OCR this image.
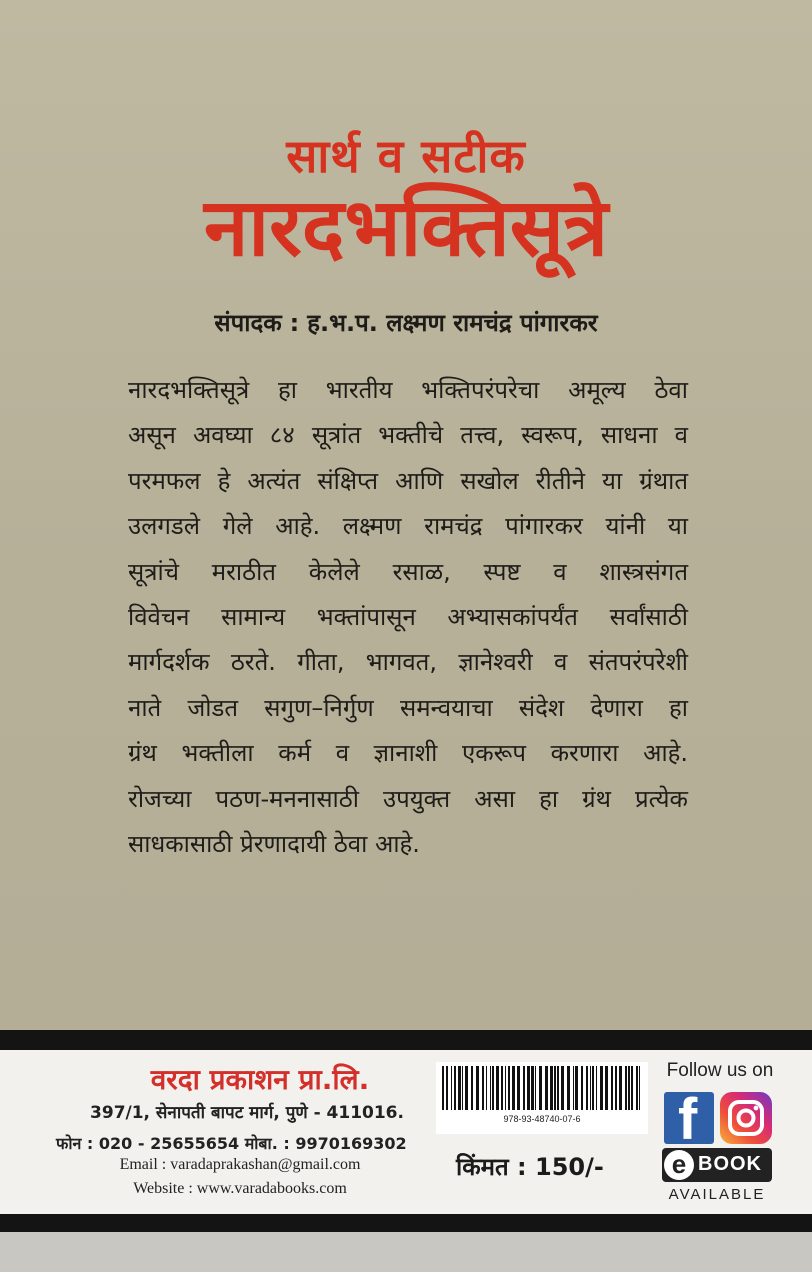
सार्थ व सटीक
नारदभक्तिसूत्रे
संपादक : ह.भ.प. लक्ष्मण रामचंद्र पांगारकर
नारदभक्तिसूत्रे हा भारतीय भक्तिपरंपरेचा अमूल्य ठेवा
असून अवघ्या ८४ सूत्रांत भक्तीचे तत्त्व, स्वरूप, साधना व
परमफल हे अत्यंत संक्षिप्त आणि सखोल रीतीने या ग्रंथात
उलगडले गेले आहे. लक्ष्मण रामचंद्र पांगारकर यांनी या
सूत्रांचे मराठीत केलेले रसाळ, स्पष्ट व शास्त्रसंगत
विवेचन सामान्य भक्तांपासून अभ्यासकांपर्यंत सर्वांसाठी
मार्गदर्शक ठरते. गीता, भागवत, ज्ञानेश्वरी व संतपरंपरेशी
नाते जोडत सगुण–निर्गुण समन्वयाचा संदेश देणारा हा
ग्रंथ भक्तीला कर्म व ज्ञानाशी एकरूप करणारा आहे.
रोजच्या पठण-मननासाठी उपयुक्त असा हा ग्रंथ प्रत्येक
साधकासाठी प्रेरणादायी ठेवा आहे.
वरदा प्रकाशन प्रा.लि.
397/1, सेनापती बापट मार्ग, पुणे - 411016.
फोन : 020 - 25655654 मोबा. : 9970169302
Email : varadaprakashan@gmail.com
Website : www.varadabooks.com
978-93-48740-07-6
किंमत : 150/-
Follow us on
f
e BOOK
AVAILABLE
